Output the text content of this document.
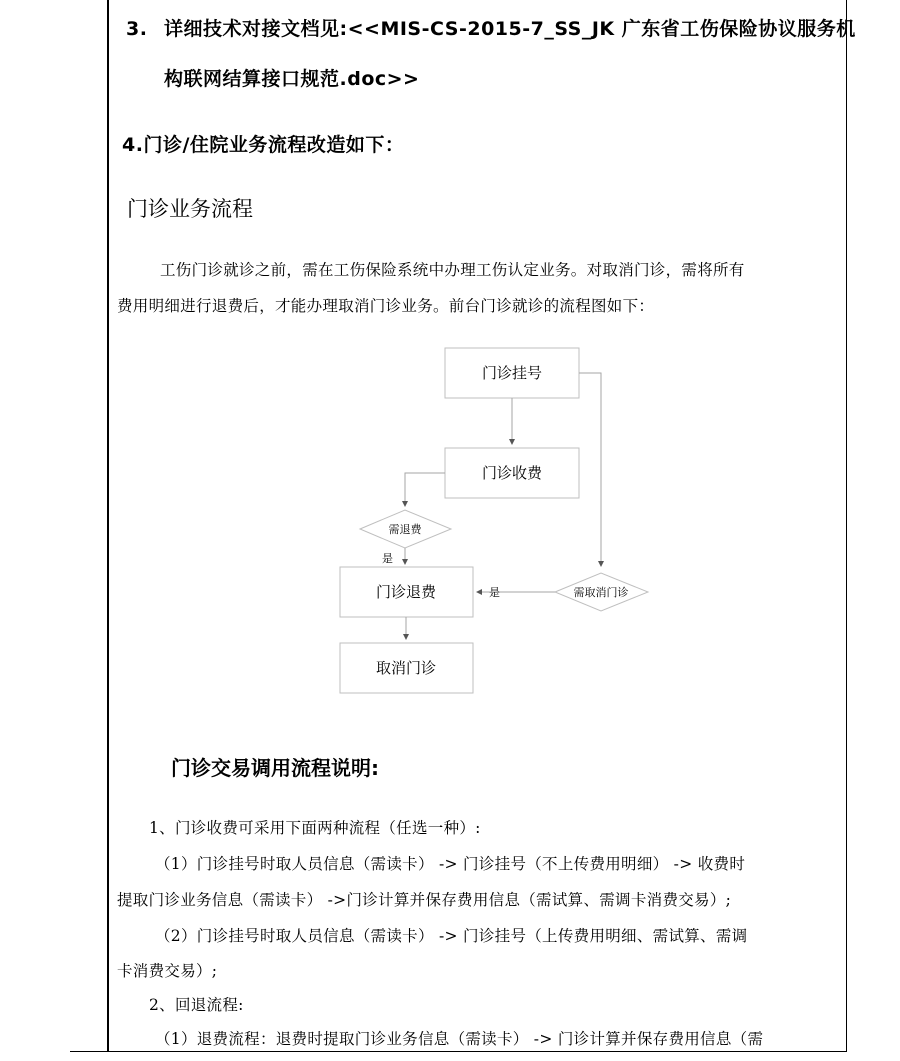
3. 详细技术对接文档见:<<MIS-CS-2015-7_SS_JK 广东省工伤保险协议服务机
构联网结算接口规范.doc>>
4.门诊/住院业务流程改造如下：
门诊业务流程
工伤门诊就诊之前，需在工伤保险系统中办理工伤认定业务。对取消门诊，需将所有
费用明细进行退费后，才能办理取消门诊业务。前台门诊就诊的流程图如下：
门诊挂号
门诊收费
需退费
是
门诊退费	需取消门诊
是
取消门诊
门诊交易调用流程说明:
1、门诊收费可采用下面两种流程（任选一种）:
（1）门诊挂号时取人员信息（需读卡） -> 门诊挂号（不上传费用明细） -> 收费时
提取门诊业务信息（需读卡） ->门诊计算并保存费用信息（需试算、需调卡消费交易）;
（2）门诊挂号时取人员信息（需读卡） -> 门诊挂号（上传费用明细、需试算、需调
卡消费交易）;
2、回退流程:
（1）退费流程：退费时提取门诊业务信息（需读卡） -> 门诊计算并保存费用信息（需
